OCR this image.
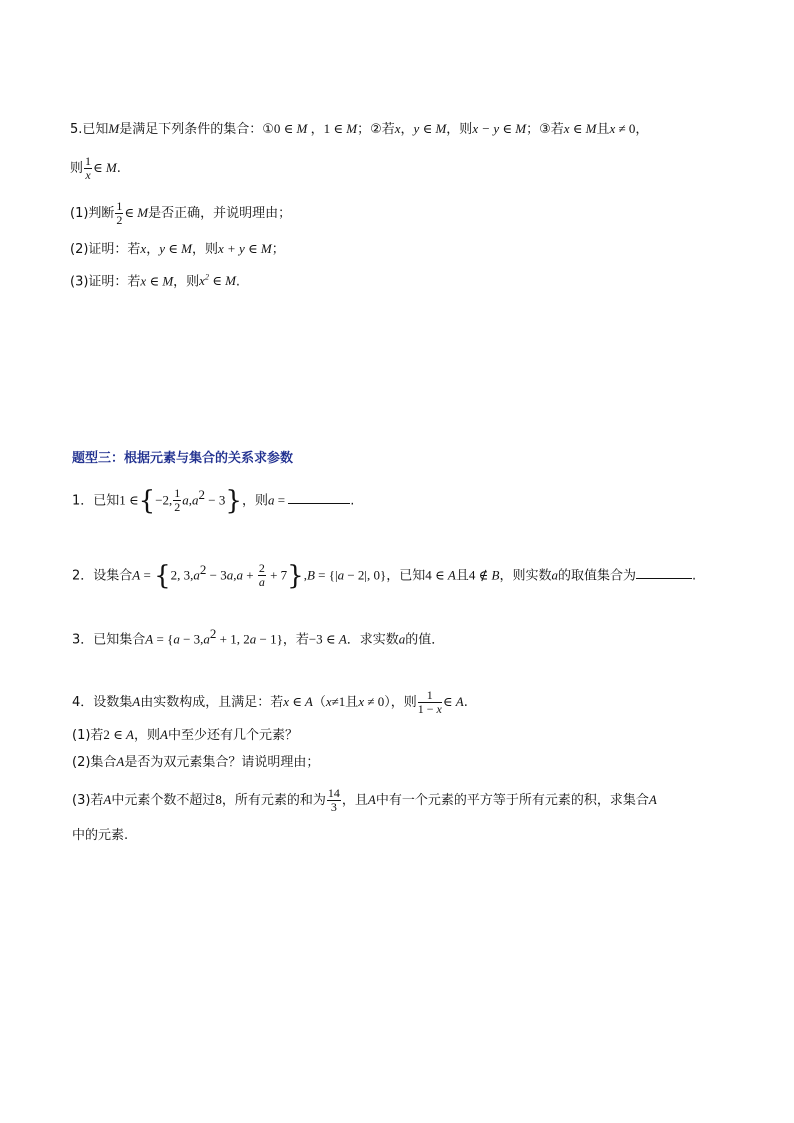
5.已知M是满足下列条件的集合：①0 ∈ M ，1 ∈ M；②若x，y ∈ M，则x − y ∈ M；③若x ∈ M且x ≠ 0，
则 $\frac{1}{x}$ ∈ M.
(1)判断 $\frac{1}{2}$ ∈ M是否正确，并说明理由；
(2)证明：若x，y ∈ M，则x + y ∈ M；
(3)证明：若x ∈ M，则$x^2$ ∈ M.
题型三：根据元素与集合的关系求参数
1．已知1 ∈{−2, $\frac{1}{2} a,a^2 - 3$}，则a =	.
2．设集合A = {2, $3,a^2 - 3a,a + \frac{2}{a} + 7\},B = \{|a - 2|$, 0}，已知4 ∈ A且4 ∉ B，则实数a的取值集合为	.
3．已知集合$A = \{a - 3,a^2 + 1$, 2a − 1}，若−3 ∈ A．求实数a的值．
4．设数集A由实数构成，且满足：若x ∈ A（x≠1且x ≠ 0），则 $\frac{1}{1 - x}$ ∈ A.
(1)若2 ∈ A，则A中至少还有几个元素？
(2)集合A是否为双元素集合？请说明理由；
(3)若A中元素个数不超过8，所有元素的和为 $\frac{14}{3}$ ，且A中有一个元素的平方等于所有元素的积，求集合A
中的元素.
